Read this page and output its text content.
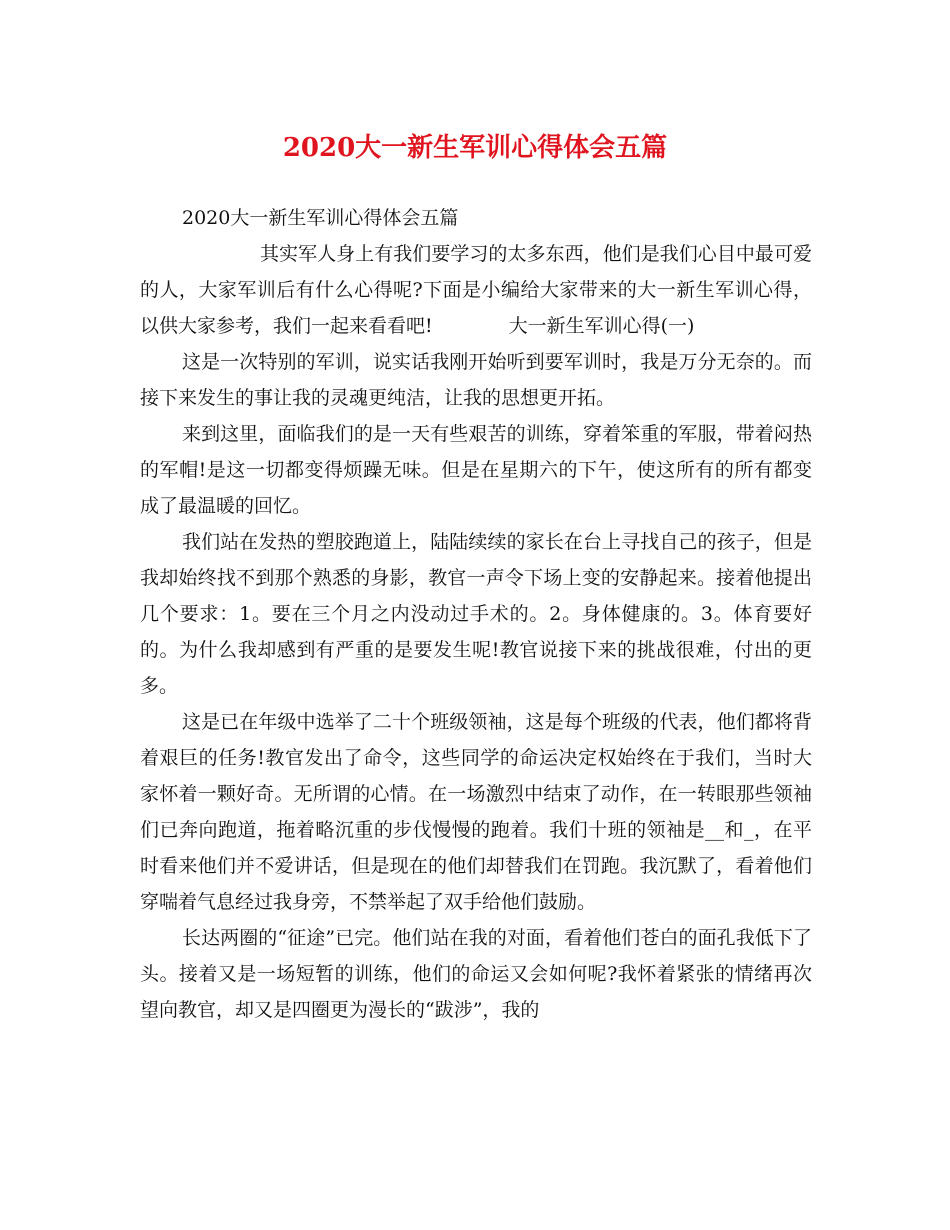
2020大一新生军训心得体会五篇

2020大一新生军训心得体会五篇

其实军人身上有我们要学习的太多东西，他们是我们心目中最可爱的人，大家军训后有什么心得呢?下面是小编给大家带来的大一新生军训心得，以供大家参考，我们一起来看看吧!　　　　大一新生军训心得(一)

这是一次特别的军训，说实话我刚开始听到要军训时，我是万分无奈的。而接下来发生的事让我的灵魂更纯洁，让我的思想更开拓。

来到这里，面临我们的是一天有些艰苦的训练，穿着笨重的军服，带着闷热的军帽!是这一切都变得烦躁无味。但是在星期六的下午，使这所有的所有都变成了最温暖的回忆。

我们站在发热的塑胶跑道上，陆陆续续的家长在台上寻找自己的孩子，但是我却始终找不到那个熟悉的身影，教官一声令下场上变的安静起来。接着他提出几个要求：1。要在三个月之内没动过手术的。2。身体健康的。3。体育要好的。为什么我却感到有严重的是要发生呢!教官说接下来的挑战很难，付出的更多。

这是已在年级中选举了二十个班级领袖，这是每个班级的代表，他们都将背着艰巨的任务!教官发出了命令，这些同学的命运决定权始终在于我们，当时大家怀着一颗好奇。无所谓的心情。在一场激烈中结束了动作，在一转眼那些领袖们已奔向跑道，拖着略沉重的步伐慢慢的跑着。我们十班的领袖是__和_，在平时看来他们并不爱讲话，但是现在的他们却替我们在罚跑。我沉默了，看着他们穿喘着气息经过我身旁，不禁举起了双手给他们鼓励。

长达两圈的“征途”已完。他们站在我的对面，看着他们苍白的面孔我低下了头。接着又是一场短暂的训练，他们的命运又会如何呢?我怀着紧张的情绪再次望向教官，却又是四圈更为漫长的“跋涉”，我的
